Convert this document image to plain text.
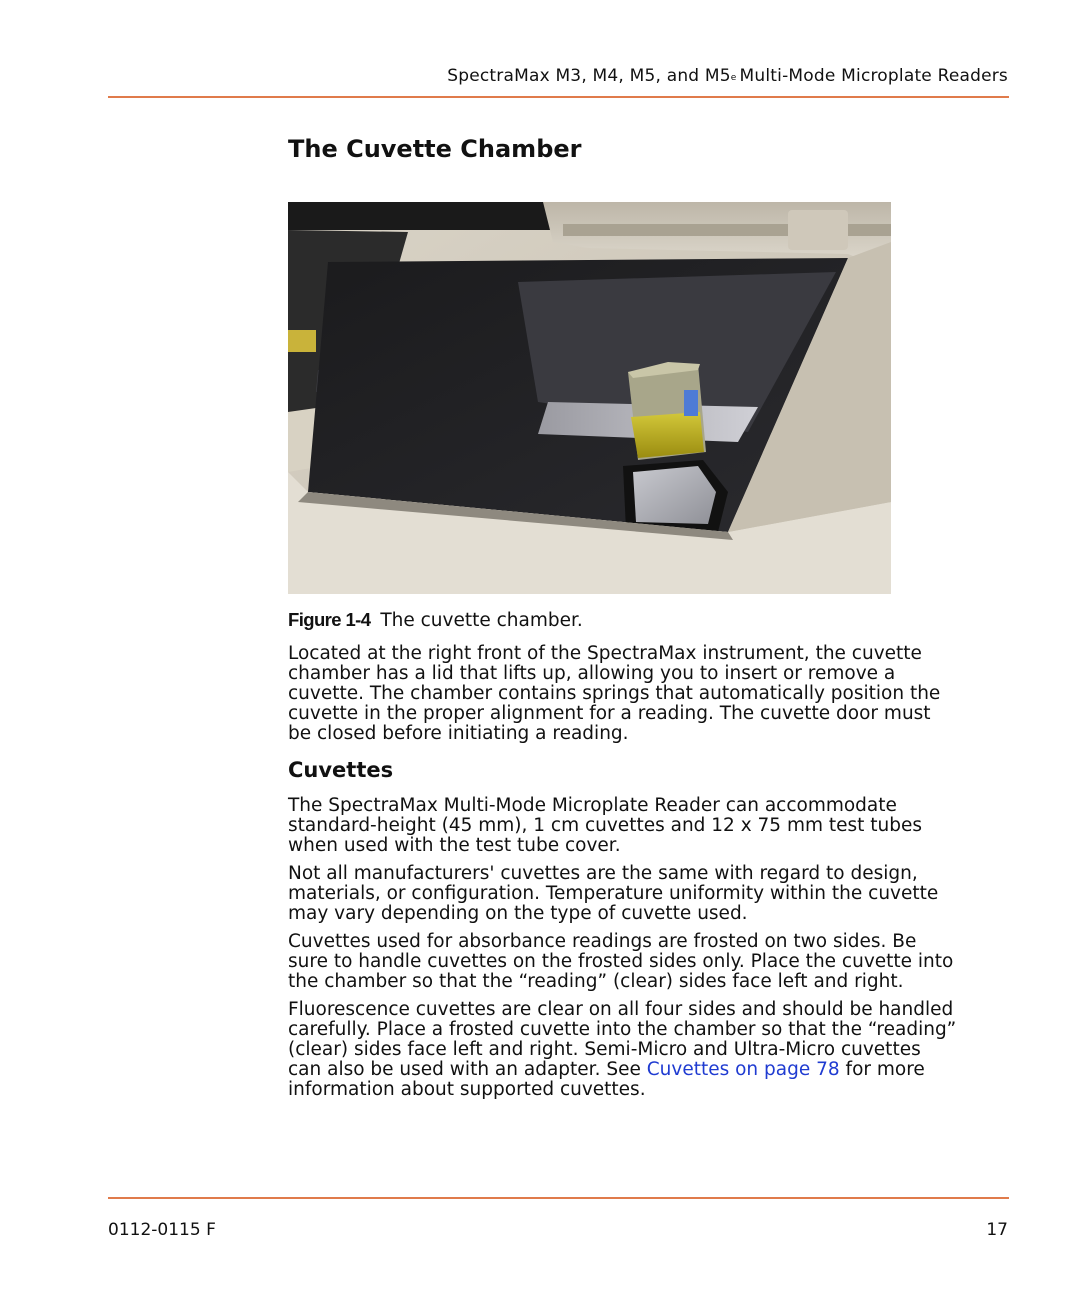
SpectraMax M3, M4, M5, and M5e Multi-Mode Microplate Readers
The Cuvette Chamber
Figure 1-4 The cuvette chamber.

Located at the right front of the SpectraMax instrument, the cuvette
chamber has a lid that lifts up, allowing you to insert or remove a
cuvette. The chamber contains springs that automatically position the
cuvette in the proper alignment for a reading. The cuvette door must
be closed before initiating a reading.

Cuvettes

The SpectraMax Multi-Mode Microplate Reader can accommodate
standard-height (45 mm), 1 cm cuvettes and 12 x 75 mm test tubes
when used with the test tube cover.

Not all manufacturers' cuvettes are the same with regard to design,
materials, or configuration. Temperature uniformity within the cuvette
may vary depending on the type of cuvette used.

Cuvettes used for absorbance readings are frosted on two sides. Be
sure to handle cuvettes on the frosted sides only. Place the cuvette into
the chamber so that the “reading” (clear) sides face left and right.

Fluorescence cuvettes are clear on all four sides and should be handled
carefully. Place a frosted cuvette into the chamber so that the “reading”
(clear) sides face left and right. Semi-Micro and Ultra-Micro cuvettes
can also be used with an adapter. See Cuvettes on page 78 for more
information about supported cuvettes.

0112-0115 F	17
